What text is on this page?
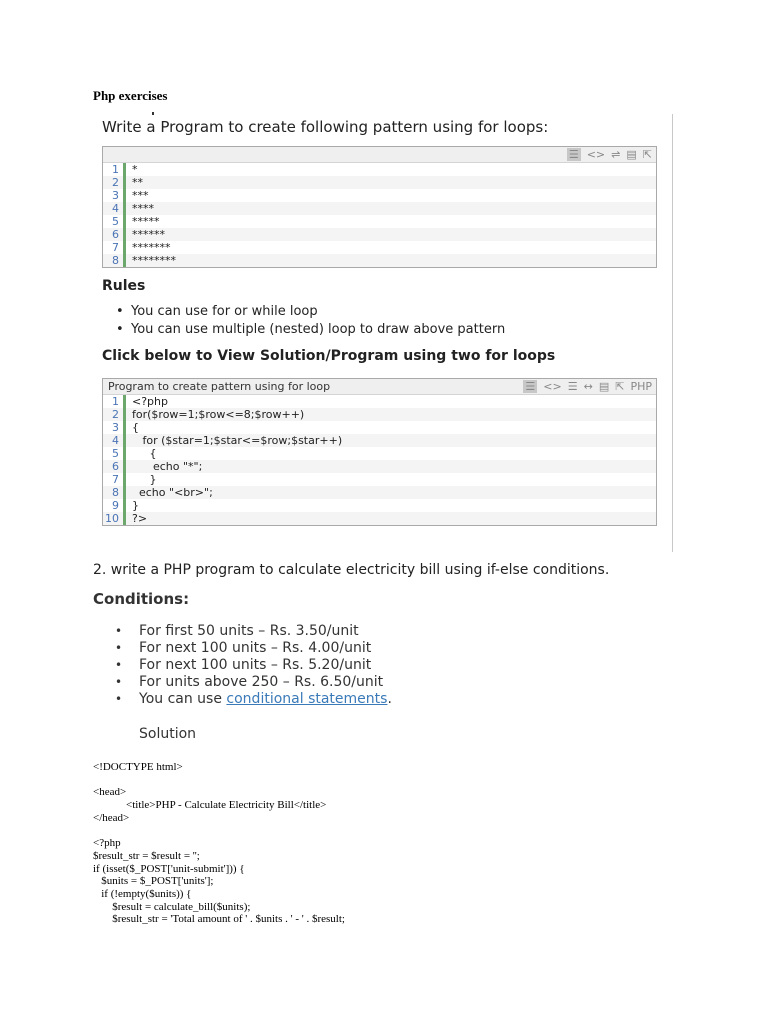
Php exercises
Write a Program to create following pattern using for loops:
☰ <> ⇌ ▤ ⇱
1	*
2	**
3	***
4	****
5	*****
6	******
7	*******
8	********
Rules
• You can use for or while loop
• You can use multiple (nested) loop to draw above pattern
Click below to View Solution/Program using two for loops
Program to create pattern using for loop	☰ <> ☰ ↔ ▤ ⇱ PHP
1	<?php
2	for($row=1;$row<=8;$row++)
3	{
4	for ($star=1;$star<=$row;$star++)
5	{
6	echo "*";
7	}
8	echo "<br>";
9	}
10	?>
2. write a PHP program to calculate electricity bill using if-else conditions.
Conditions:
• For first 50 units – Rs. 3.50/unit
• For next 100 units – Rs. 4.00/unit
• For next 100 units – Rs. 5.20/unit
• For units above 250 – Rs. 6.50/unit
• You can use conditional statements.
Solution
<!DOCTYPE html>

<head>
<title>PHP - Calculate Electricity Bill</title>
</head>

<?php
$result_str = $result = '';
if (isset($_POST['unit-submit'])) {
$units = $_POST['units'];
if (!empty($units)) {
$result = calculate_bill($units);
$result_str = 'Total amount of ' . $units . ' - ' . $result;
